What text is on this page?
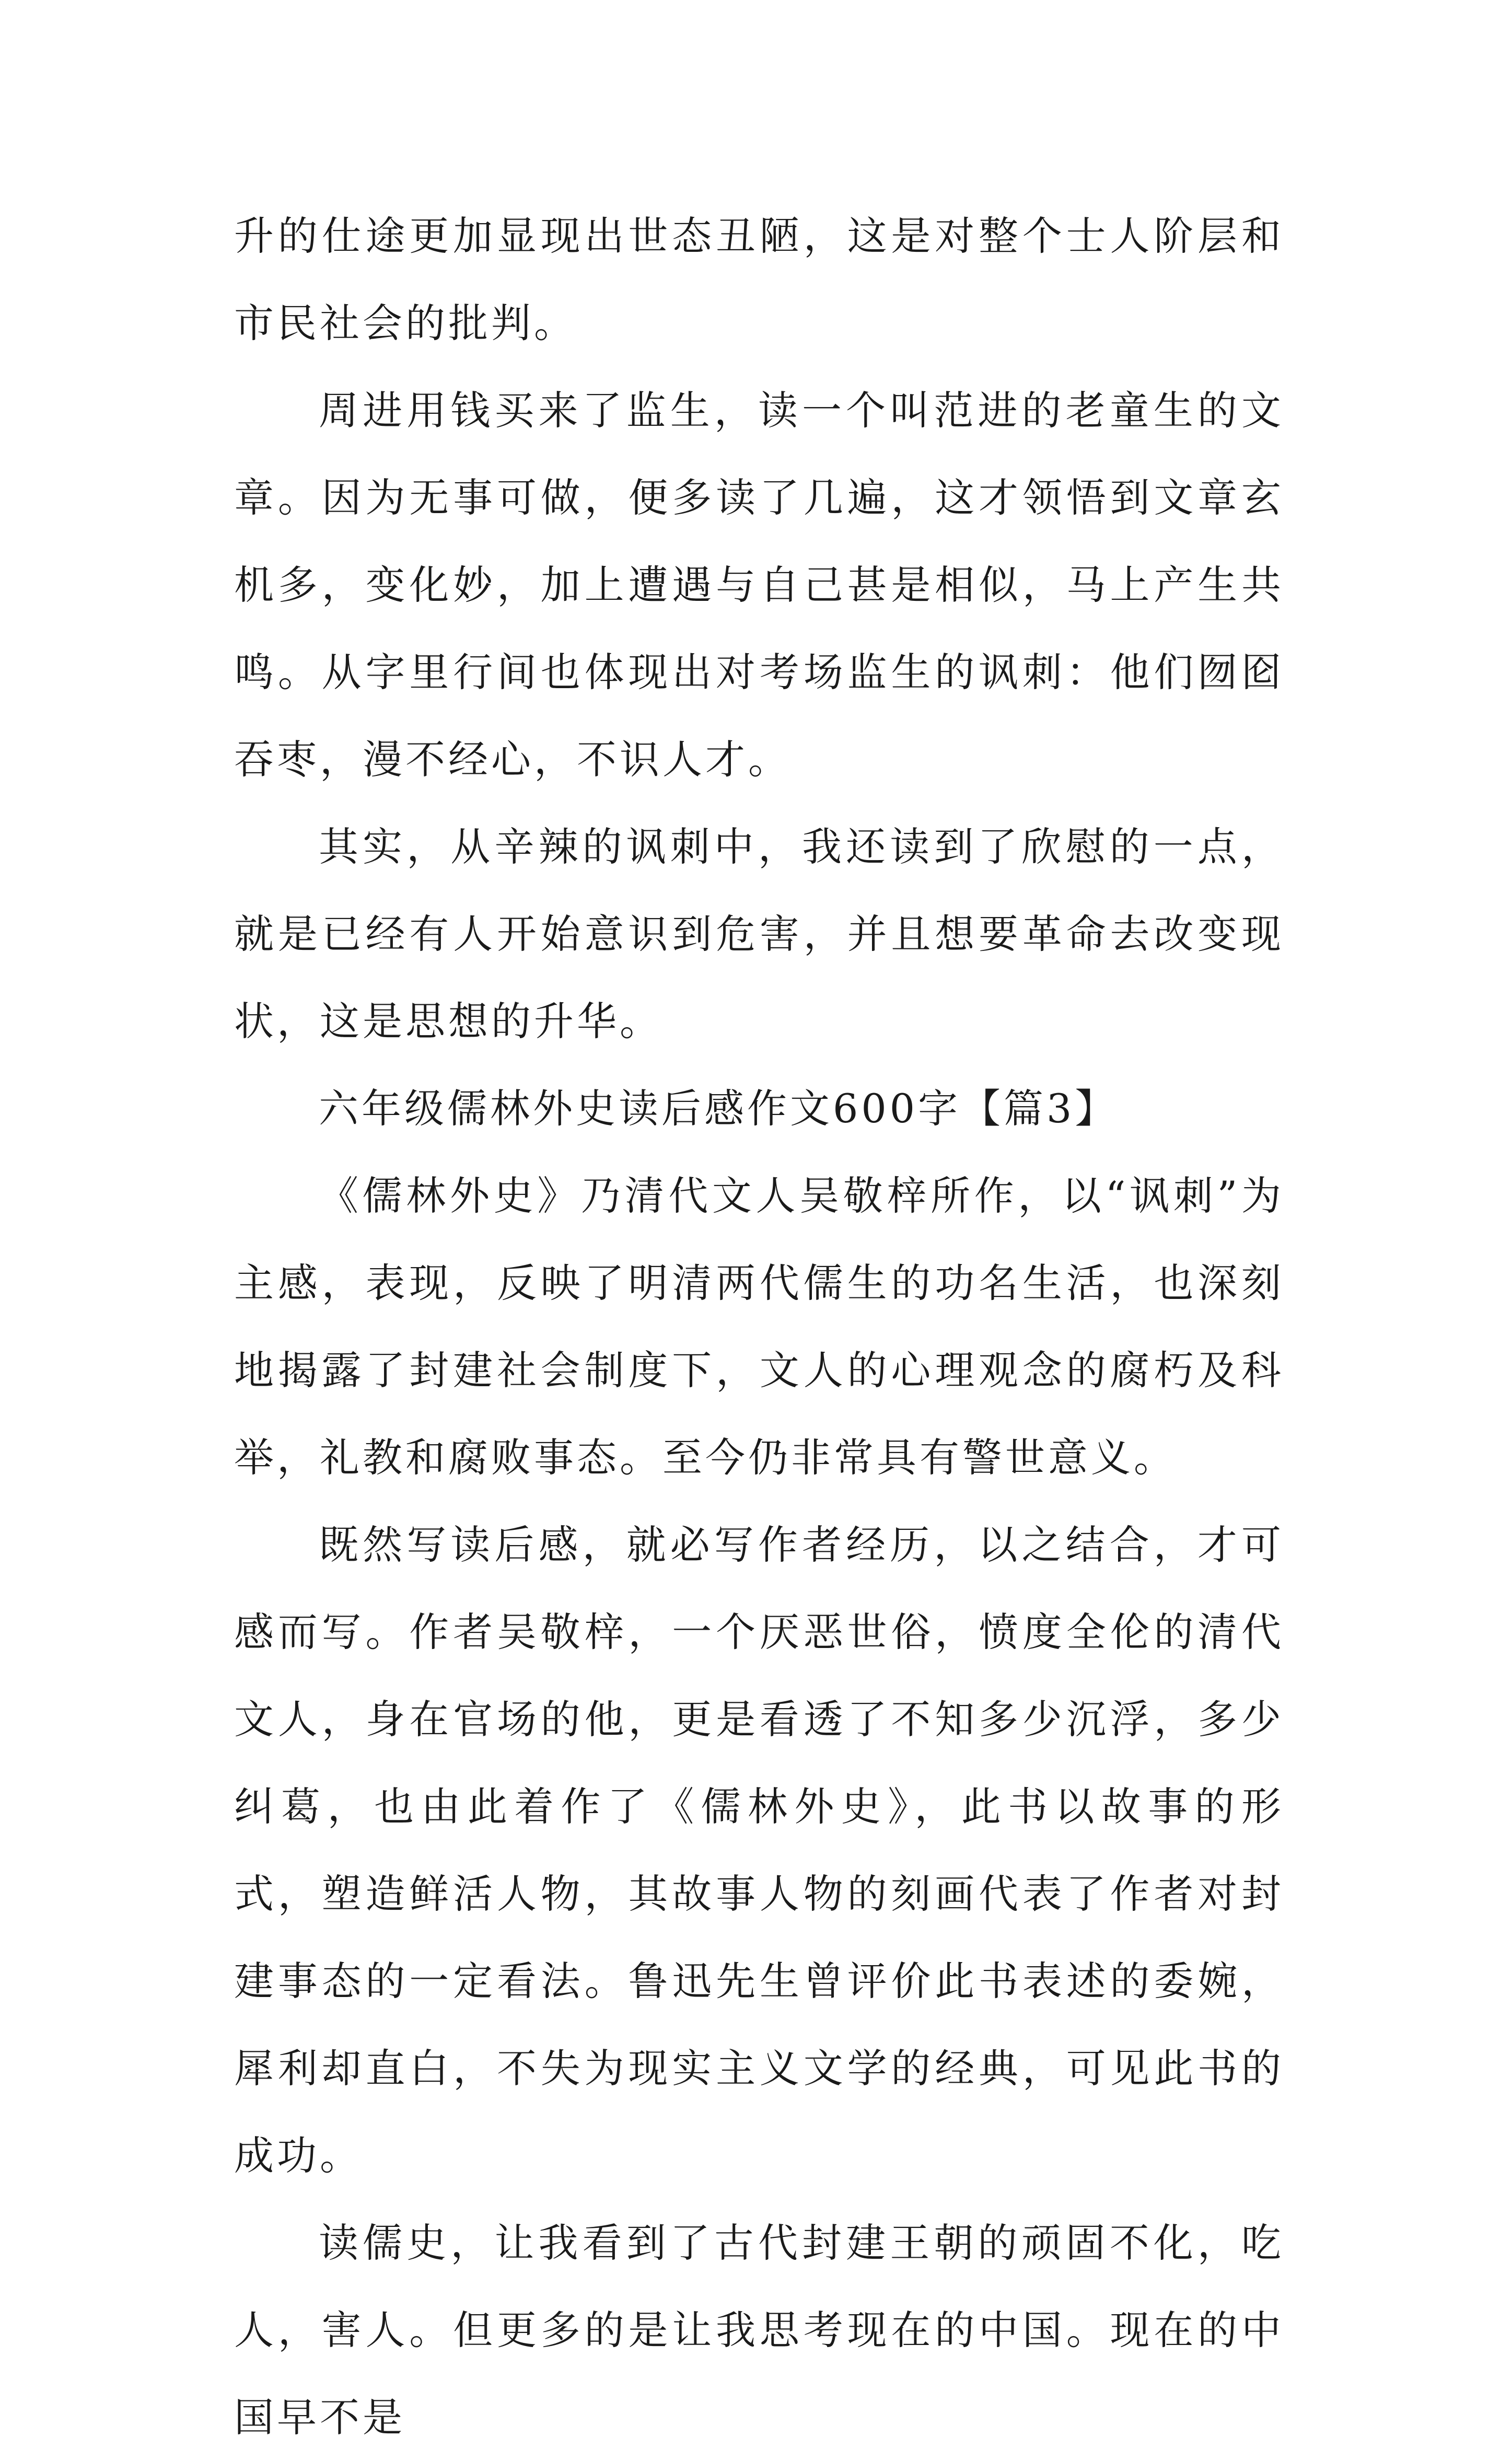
升的仕途更加显现出世态丑陋，这是对整个士人阶层和市民社会的批判。

周进用钱买来了监生，读一个叫范进的老童生的文章。因为无事可做，便多读了几遍，这才领悟到文章玄机多，变化妙，加上遭遇与自己甚是相似，马上产生共鸣。从字里行间也体现出对考场监生的讽刺：他们囫囵吞枣，漫不经心，不识人才。

其实，从辛辣的讽刺中，我还读到了欣慰的一点，就是已经有人开始意识到危害，并且想要革命去改变现状，这是思想的升华。

六年级儒林外史读后感作文600字【篇3】

《儒林外史》乃清代文人吴敬梓所作，以“讽刺”为主感，表现，反映了明清两代儒生的功名生活，也深刻地揭露了封建社会制度下，文人的心理观念的腐朽及科举，礼教和腐败事态。至今仍非常具有警世意义。

既然写读后感，就必写作者经历，以之结合，才可感而写。作者吴敬梓，一个厌恶世俗，愤度全伦的清代文人，身在官场的他，更是看透了不知多少沉浮，多少纠葛，也由此着作了《儒林外史》，此书以故事的形式，塑造鲜活人物，其故事人物的刻画代表了作者对封建事态的一定看法。鲁迅先生曾评价此书表述的委婉，犀利却直白，不失为现实主义文学的经典，可见此书的成功。

读儒史，让我看到了古代封建王朝的顽固不化，吃人，害人。但更多的是让我思考现在的中国。现在的中国早不是
